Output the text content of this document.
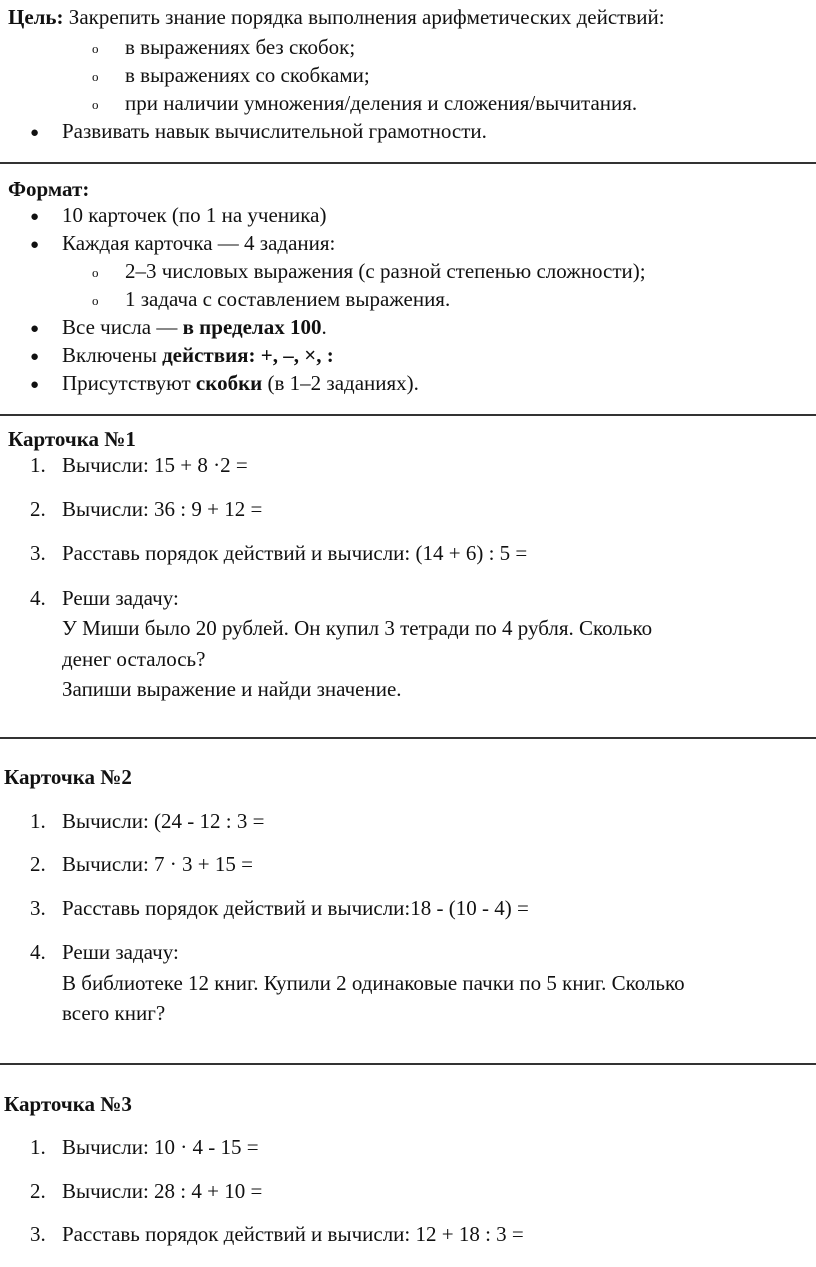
Цель: Закрепить знание порядка выполнения арифметических действий:
o в выражениях без скобок;
o в выражениях со скобками;
o при наличии умножения/деления и сложения/вычитания.
● Развивать навык вычислительной грамотности.
Формат:
● 10 карточек (по 1 на ученика)
● Каждая карточка — 4 задания:
o 2–3 числовых выражения (с разной степенью сложности);
o 1 задача с составлением выражения.
● Все числа — в пределах 100.
● Включены действия: +, –, ×, :
● Присутствуют скобки (в 1–2 заданиях).
Карточка №1
1. Вычисли: 15 + 8 ·2 =
2. Вычисли: 36 : 9 + 12 =
3. Расставь порядок действий и вычисли: (14 + 6) : 5 =
4. Реши задачу:
У Миши было 20 рублей. Он купил 3 тетради по 4 рубля. Сколько
денег осталось?
Запиши выражение и найди значение.
Карточка №2
1. Вычисли: (24 - 12 : 3 =
2. Вычисли: 7 · 3 + 15 =
3. Расставь порядок действий и вычисли:18 - (10 - 4) =
4. Реши задачу:
В библиотеке 12 книг. Купили 2 одинаковые пачки по 5 книг. Сколько
всего книг?
Карточка №3
1. Вычисли: 10 · 4 - 15 =
2. Вычисли: 28 : 4 + 10 =
3. Расставь порядок действий и вычисли: 12 + 18 : 3 =
